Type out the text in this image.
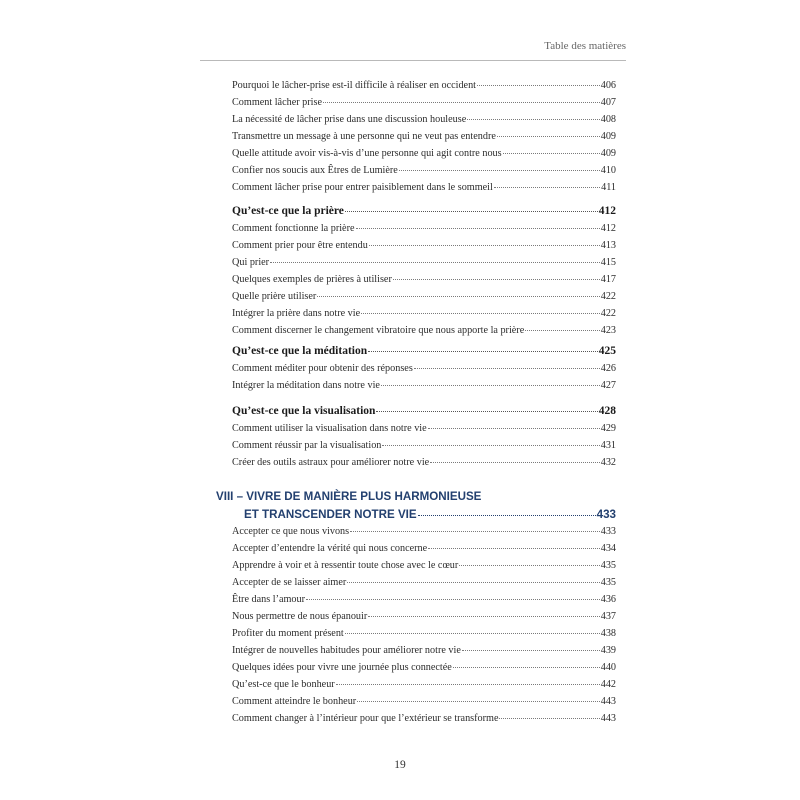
Table des matières
Pourquoi le lâcher-prise est-il difficile à réaliser en occident	406
Comment lâcher prise	407
La nécessité de lâcher prise dans une discussion houleuse	408
Transmettre un message à une personne qui ne veut pas entendre	409
Quelle attitude avoir vis-à-vis d’une personne qui agit contre nous	409
Confier nos soucis aux Êtres de Lumière	410
Comment lâcher prise pour entrer paisiblement dans le sommeil	411
Qu’est-ce que la prière	412
Comment fonctionne la prière	412
Comment prier pour être entendu	413
Qui prier	415
Quelques exemples de prières à utiliser	417
Quelle prière utiliser	422
Intégrer la prière dans notre vie	422
Comment discerner le changement vibratoire que nous apporte la prière	423
Qu’est-ce que la méditation	425
Comment méditer pour obtenir des réponses	426
Intégrer la méditation dans notre vie	427
Qu’est-ce que la visualisation	428
Comment utiliser la visualisation dans notre vie	429
Comment réussir par la visualisation	431
Créer des outils astraux pour améliorer notre vie	432
VIII – VIVRE DE MANIÈRE PLUS HARMONIEUSE
ET TRANSCENDER NOTRE VIE	433
Accepter ce que nous vivons	433
Accepter d’entendre la vérité qui nous concerne	434
Apprendre à voir et à ressentir toute chose avec le cœur	435
Accepter de se laisser aimer	435
Être dans l’amour	436
Nous permettre de nous épanouir	437
Profiter du moment présent	438
Intégrer de nouvelles habitudes pour améliorer notre vie	439
Quelques idées pour vivre une journée plus connectée	440
Qu’est-ce que le bonheur	442
Comment atteindre le bonheur	443
Comment changer à l’intérieur pour que l’extérieur se transforme	443
19
